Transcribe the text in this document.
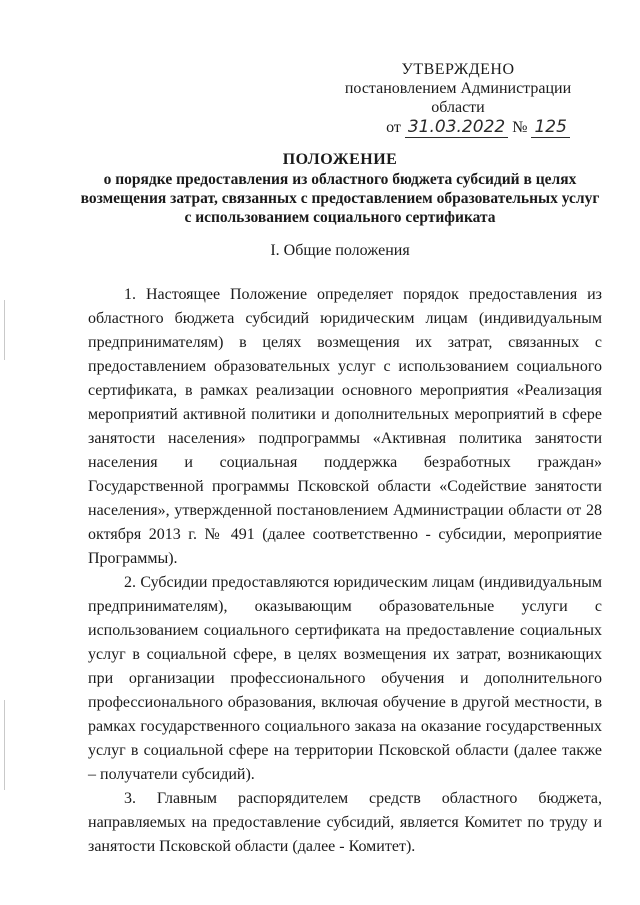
УТВЕРЖДЕНО
постановлением Администрации области
от 31.03.2022 № 125
ПОЛОЖЕНИЕ
о порядке предоставления из областного бюджета субсидий в целях возмещения затрат, связанных с предоставлением образовательных услуг с использованием социального сертификата
I. Общие положения

1. Настоящее Положение определяет порядок предоставления из областного бюджета субсидий юридическим лицам (индивидуальным предпринимателям) в целях возмещения их затрат, связанных с предоставлением образовательных услуг с использованием социального сертификата, в рамках реализации основного мероприятия «Реализация мероприятий активной политики и дополнительных мероприятий в сфере занятости населения» подпрограммы «Активная политика занятости населения и социальная поддержка безработных граждан» Государственной программы Псковской области «Содействие занятости населения», утвержденной постановлением Администрации области от 28 октября 2013 г. № 491 (далее соответственно - субсидии, мероприятие Программы).

2. Субсидии предоставляются юридическим лицам (индивидуальным предпринимателям), оказывающим образовательные услуги с использованием социального сертификата на предоставление социальных услуг в социальной сфере, в целях возмещения их затрат, возникающих при организации профессионального обучения и дополнительного профессионального образования, включая обучение в другой местности, в рамках государственного социального заказа на оказание государственных услуг в социальной сфере на территории Псковской области (далее также – получатели субсидий).

3. Главным распорядителем средств областного бюджета, направляемых на предоставление субсидий, является Комитет по труду и занятости Псковской области (далее - Комитет).
